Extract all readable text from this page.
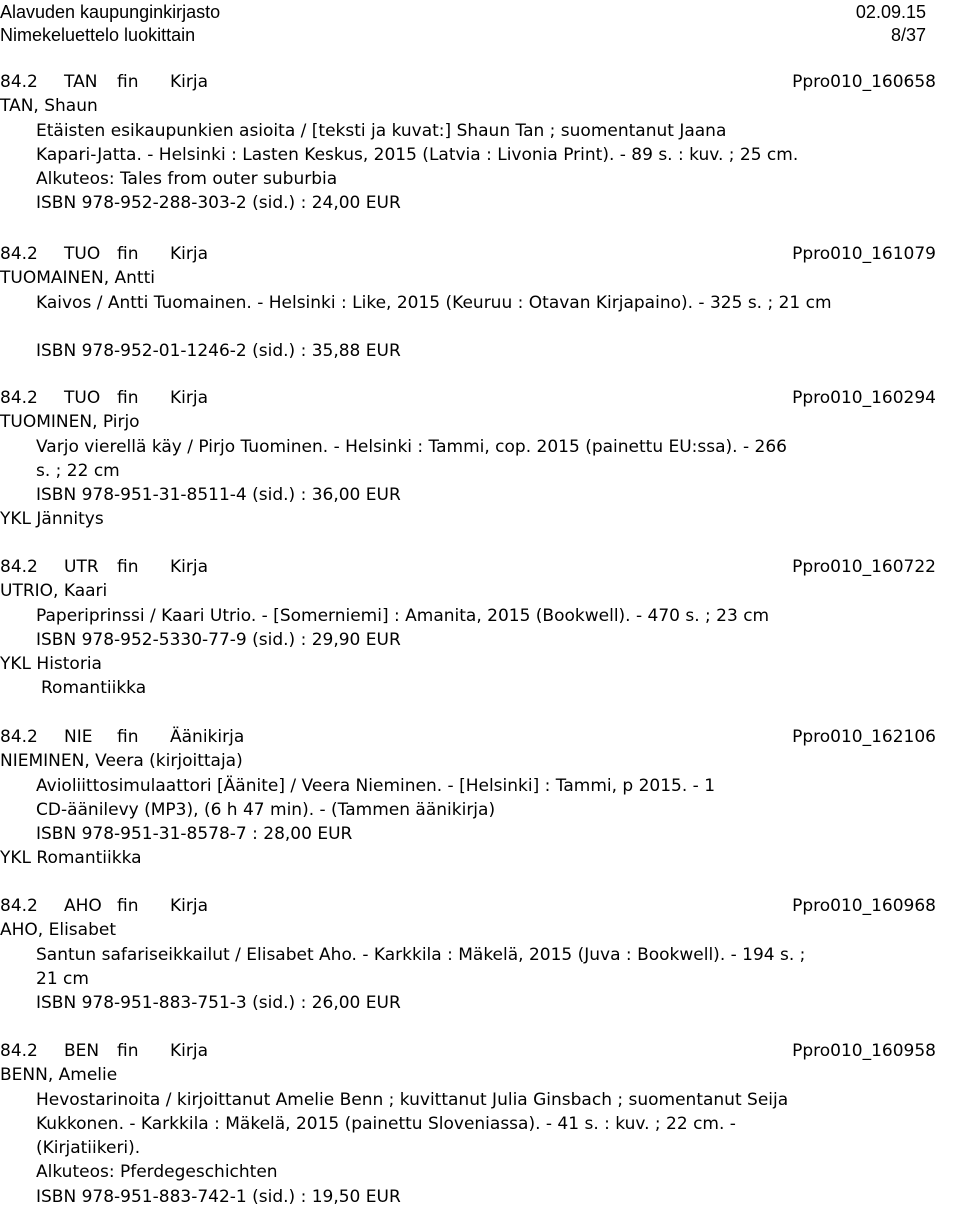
Alavuden kaupunginkirjasto	02.09.15
Nimekeluettelo luokittain	8/37
84.2	TAN	fin	Kirja	Ppro010_160658
TAN, Shaun
Etäisten esikaupunkien asioita / [teksti ja kuvat:] Shaun Tan ; suomentanut Jaana
Kapari-Jatta. - Helsinki : Lasten Keskus, 2015 (Latvia : Livonia Print). - 89 s. : kuv. ; 25 cm.
Alkuteos: Tales from outer suburbia
ISBN 978-952-288-303-2 (sid.) : 24,00 EUR
84.2	TUO fin	Kirja	Ppro010_161079
TUOMAINEN, Antti
Kaivos / Antti Tuomainen. - Helsinki : Like, 2015 (Keuruu : Otavan Kirjapaino). - 325 s. ; 21 cm
ISBN 978-952-01-1246-2 (sid.) : 35,88 EUR
84.2	TUO fin	Kirja	Ppro010_160294
TUOMINEN, Pirjo
Varjo vierellä käy / Pirjo Tuominen. - Helsinki : Tammi, cop. 2015 (painettu EU:ssa). - 266
s. ; 22 cm
ISBN 978-951-31-8511-4 (sid.) : 36,00 EUR
YKL Jännitys
84.2	UTR	fin	Kirja	Ppro010_160722
UTRIO, Kaari
Paperiprinssi / Kaari Utrio. - [Somerniemi] : Amanita, 2015 (Bookwell). - 470 s. ; 23 cm
ISBN 978-952-5330-77-9 (sid.) : 29,90 EUR
YKL Historia
Romantiikka
84.2	NIE	fin	Äänikirja	Ppro010_162106
NIEMINEN, Veera (kirjoittaja)
Avioliittosimulaattori [Äänite] / Veera Nieminen. - [Helsinki] : Tammi, p 2015. - 1
CD-äänilevy (MP3), (6 h 47 min). - (Tammen äänikirja)
ISBN 978-951-31-8578-7 : 28,00 EUR
YKL Romantiikka
84.2	AHO fin	Kirja	Ppro010_160968
AHO, Elisabet
Santun safariseikkailut / Elisabet Aho. - Karkkila : Mäkelä, 2015 (Juva : Bookwell). - 194 s. ;
21 cm
ISBN 978-951-883-751-3 (sid.) : 26,00 EUR
84.2	BEN	fin	Kirja	Ppro010_160958
BENN, Amelie
Hevostarinoita / kirjoittanut Amelie Benn ; kuvittanut Julia Ginsbach ; suomentanut Seija
Kukkonen. - Karkkila : Mäkelä, 2015 (painettu Sloveniassa). - 41 s. : kuv. ; 22 cm. -
(Kirjatiikeri).
Alkuteos: Pferdegeschichten
ISBN 978-951-883-742-1 (sid.) : 19,50 EUR
